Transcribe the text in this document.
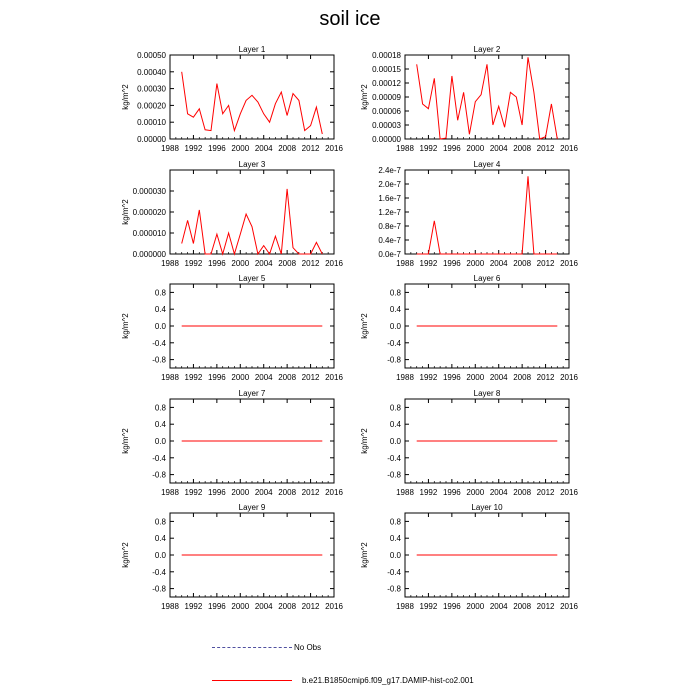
soil ice
Layer 1
1988 1992 1996 2000 2004 2008 2012 2016
0.00000
0.00010
0.00020
0.00030
0.00040
0.00050
kg/m^2
Layer 2
1988 1992 1996 2000 2004 2008 2012 2016
0.00000
0.00003
0.00006
0.00009
0.00012
0.00015
0.00018
kg/m^2
Layer 3
1988 1992 1996 2000 2004 2008 2012 2016
0.000000
0.000010
0.000020
0.000030
kg/m^2
Layer 4
1988 1992 1996 2000 2004 2008 2012 2016
0.0e-7
0.4e-7
0.8e-7
1.2e-7
1.6e-7
2.0e-7
2.4e-7
Layer 5
1988 1992 1996 2000 2004 2008 2012 2016
-0.8
-0.4
0.0
0.4
0.8
kg/m^2
Layer 6
1988 1992 1996 2000 2004 2008 2012 2016
-0.8
-0.4
0.0
0.4
0.8
kg/m^2
Layer 7
1988 1992 1996 2000 2004 2008 2012 2016
-0.8
-0.4
0.0
0.4
0.8
kg/m^2
Layer 8
1988 1992 1996 2000 2004 2008 2012 2016
-0.8
-0.4
0.0
0.4
0.8
kg/m^2
Layer 9
1988 1992 1996 2000 2004 2008 2012 2016
-0.8
-0.4
0.0
0.4
0.8
kg/m^2
Layer 10
1988 1992 1996 2000 2004 2008 2012 2016
-0.8
-0.4
0.0
0.4
0.8
kg/m^2
No Obs
b.e21.B1850cmip6.f09_g17.DAMIP-hist-co2.001
